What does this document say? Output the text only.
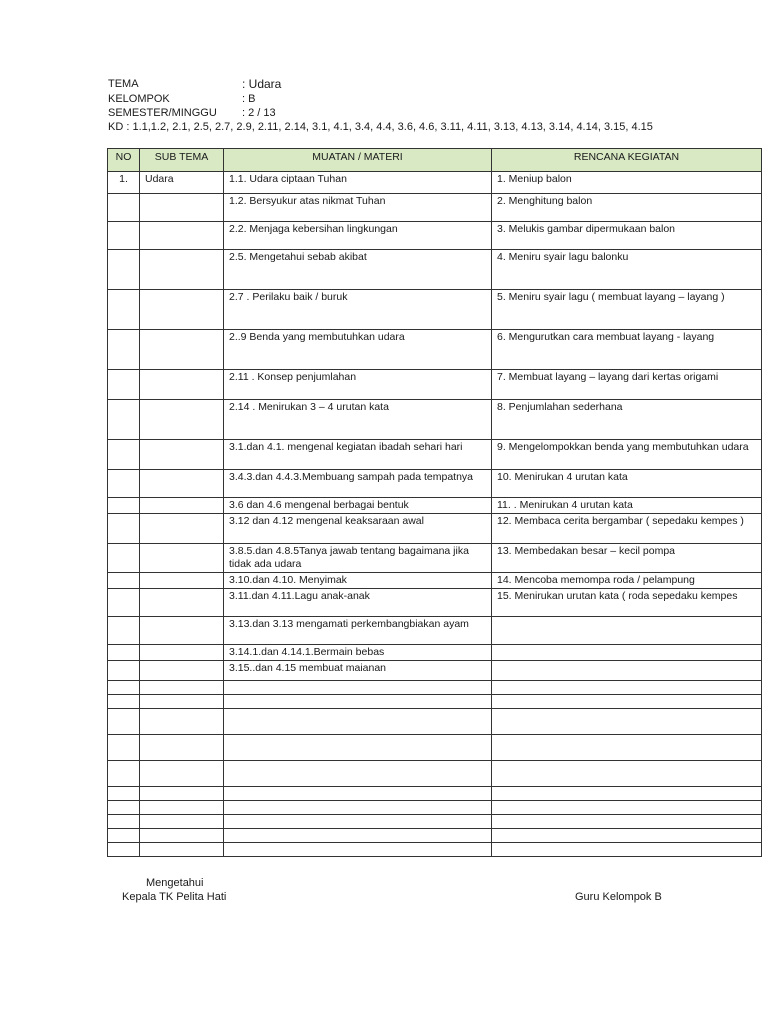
TEMA	: Udara
KELOMPOK	: B
SEMESTER/MINGGU : 2 / 13
KD : 1.1,1.2, 2.1, 2.5, 2.7, 2.9, 2.11, 2.14, 3.1, 4.1, 3.4, 4.4, 3.6, 4.6, 3.11, 4.11, 3.13, 4.13, 3.14, 4.14, 3.15, 4.15
NO	SUB TEMA	MUATAN / MATERI	RENCANA KEGIATAN
1.	Udara	1.1. Udara ciptaan Tuhan	1. Meniup balon
		1.2. Bersyukur atas nikmat Tuhan	2. Menghitung balon
		2.2. Menjaga kebersihan lingkungan	3. Melukis gambar dipermukaan balon
		2.5. Mengetahui sebab akibat	4. Meniru syair lagu balonku
		2.7 . Perilaku baik / buruk	5. Meniru syair lagu ( membuat layang – layang )
		2..9 Benda yang membutuhkan udara	6. Mengurutkan cara membuat layang - layang
		2.11 . Konsep penjumlahan	7. Membuat layang – layang dari kertas origami
		2.14 . Menirukan 3 – 4 urutan kata	8. Penjumlahan sederhana
		3.1.dan 4.1. mengenal kegiatan ibadah sehari hari	9. Mengelompokkan benda yang membutuhkan udara
		3.4.3.dan 4.4.3.Membuang sampah pada tempatnya	10. Menirukan 4 urutan kata
		3.6 dan 4.6 mengenal berbagai bentuk	11. . Menirukan 4 urutan kata
		3.12 dan 4.12 mengenal keaksaraan awal	12. Membaca cerita bergambar ( sepedaku kempes )
		3.8.5.dan 4.8.5Tanya jawab tentang bagaimana jika tidak ada udara	13. Membedakan besar – kecil pompa
		3.10.dan 4.10. Menyimak	14. Mencoba memompa roda / pelampung
		3.11.dan 4.11.Lagu anak-anak	15. Menirukan urutan kata ( roda sepedaku kempes
		3.13.dan 3.13 mengamati perkembangbiakan ayam	
		3.14.1.dan 4.14.1.Bermain bebas	
		3.15..dan 4.15 membuat maianan	

Mengetahui
Kepala TK Pelita Hati	Guru Kelompok B
